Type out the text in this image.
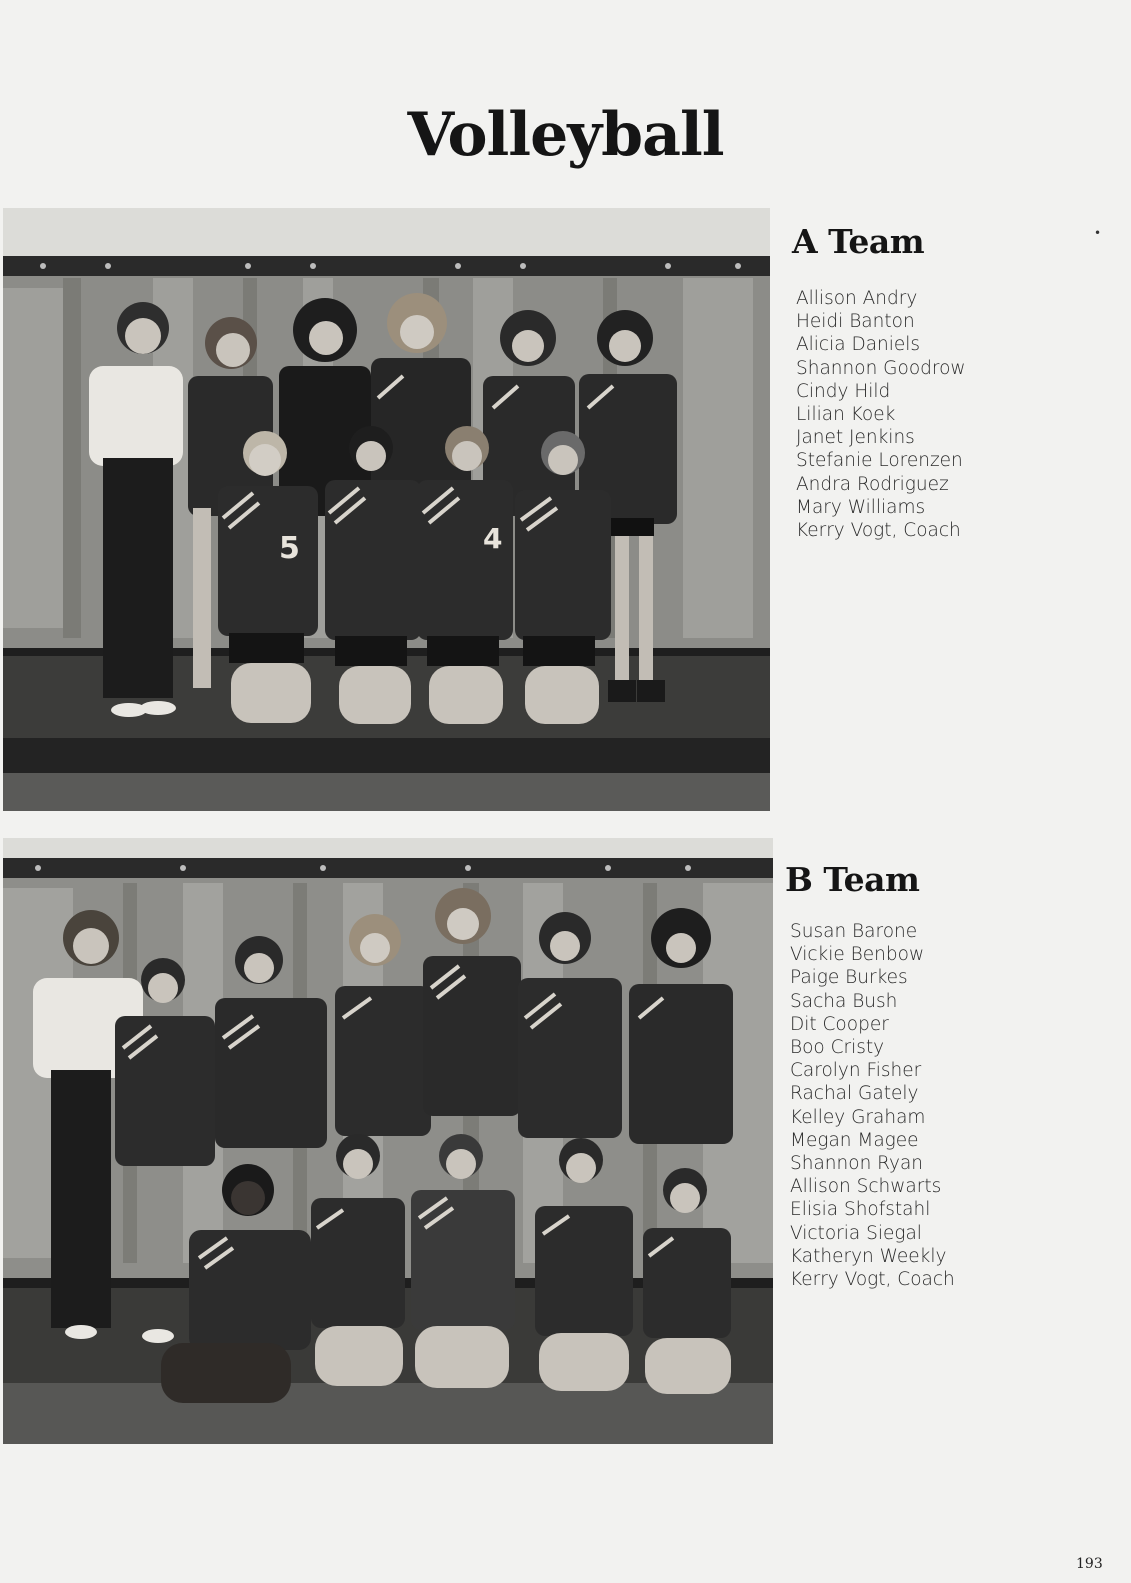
Volleyball
5	4
A Team
Allison Andry
Heidi Banton
Alicia Daniels
Shannon Goodrow
Cindy Hild
Lilian Koek
Janet Jenkins
Stefanie Lorenzen
Andra Rodriguez
Mary Williams
Kerry Vogt, Coach
B Team
Susan Barone
Vickie Benbow
Paige Burkes
Sacha Bush
Dit Cooper
Boo Cristy
Carolyn Fisher
Rachal Gately
Kelley Graham
Megan Magee
Shannon Ryan
Allison Schwarts
Elisia Shofstahl
Victoria Siegal
Katheryn Weekly
Kerry Vogt, Coach
•
193
